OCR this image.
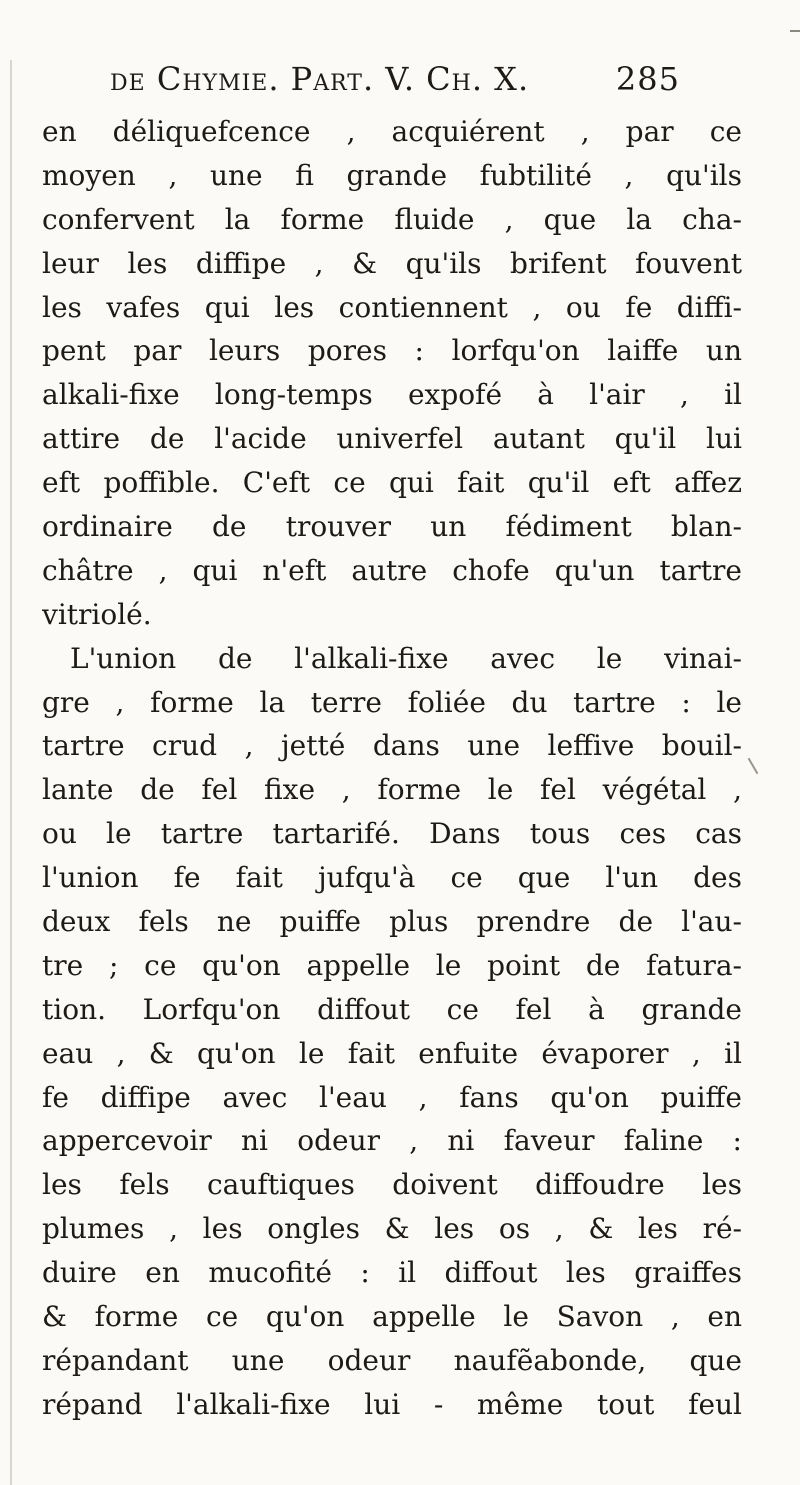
de Chymie. Part. V. Ch. X.	285
en déliquefcence , acquiérent , par ce
moyen , une fi grande fubtilité , qu'ils
confervent la forme fluide , que la cha-
leur les diffipe , & qu'ils brifent fouvent
les vafes qui les contiennent , ou fe diffi-
pent par leurs pores : lorfqu'on laiffe un
alkali-fixe long-temps expofé à l'air , il
attire de l'acide univerfel autant qu'il lui
eft poffible. C'eft ce qui fait qu'il eft affez
ordinaire de trouver un fédiment blan-
châtre , qui n'eft autre chofe qu'un tartre
vitriolé.
L'union de l'alkali-fixe avec le vinai-
gre , forme la terre foliée du tartre : le
tartre crud , jetté dans une leffive bouil-
lante de fel fixe , forme le fel végétal ,
ou le tartre tartarifé. Dans tous ces cas
l'union fe fait jufqu'à ce que l'un des
deux fels ne puiffe plus prendre de l'au-
tre ; ce qu'on appelle le point de fatura-
tion. Lorfqu'on diffout ce fel à grande
eau , & qu'on le fait enfuite évaporer , il
fe diffipe avec l'eau , fans qu'on puiffe
appercevoir ni odeur , ni faveur faline :
les fels cauftiques doivent diffoudre les
plumes , les ongles & les os , & les ré-
duire en mucofité : il diffout les graiffes
& forme ce qu'on appelle le Savon , en
répandant une odeur naufẽabonde, que
répand l'alkali-fixe lui - même tout feul
